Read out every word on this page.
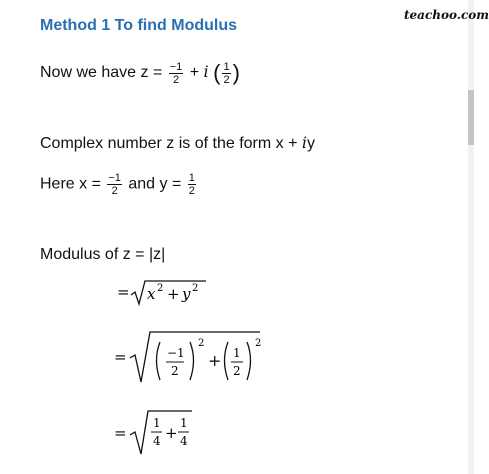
Method 1 To find Modulus
teachoo.com
Now we have $z = \frac{-1}{2} + i$ ( $\frac{1}{2}$ )
Complex number z is of the form x + iy
Here $x = \frac{-1}{2}$ and $y = \frac{1}{2}$
Modulus of z = |z|
= x 2 + y 2
=	−1
2
2
+ 1
2
2
=
1
4 +
1
4
